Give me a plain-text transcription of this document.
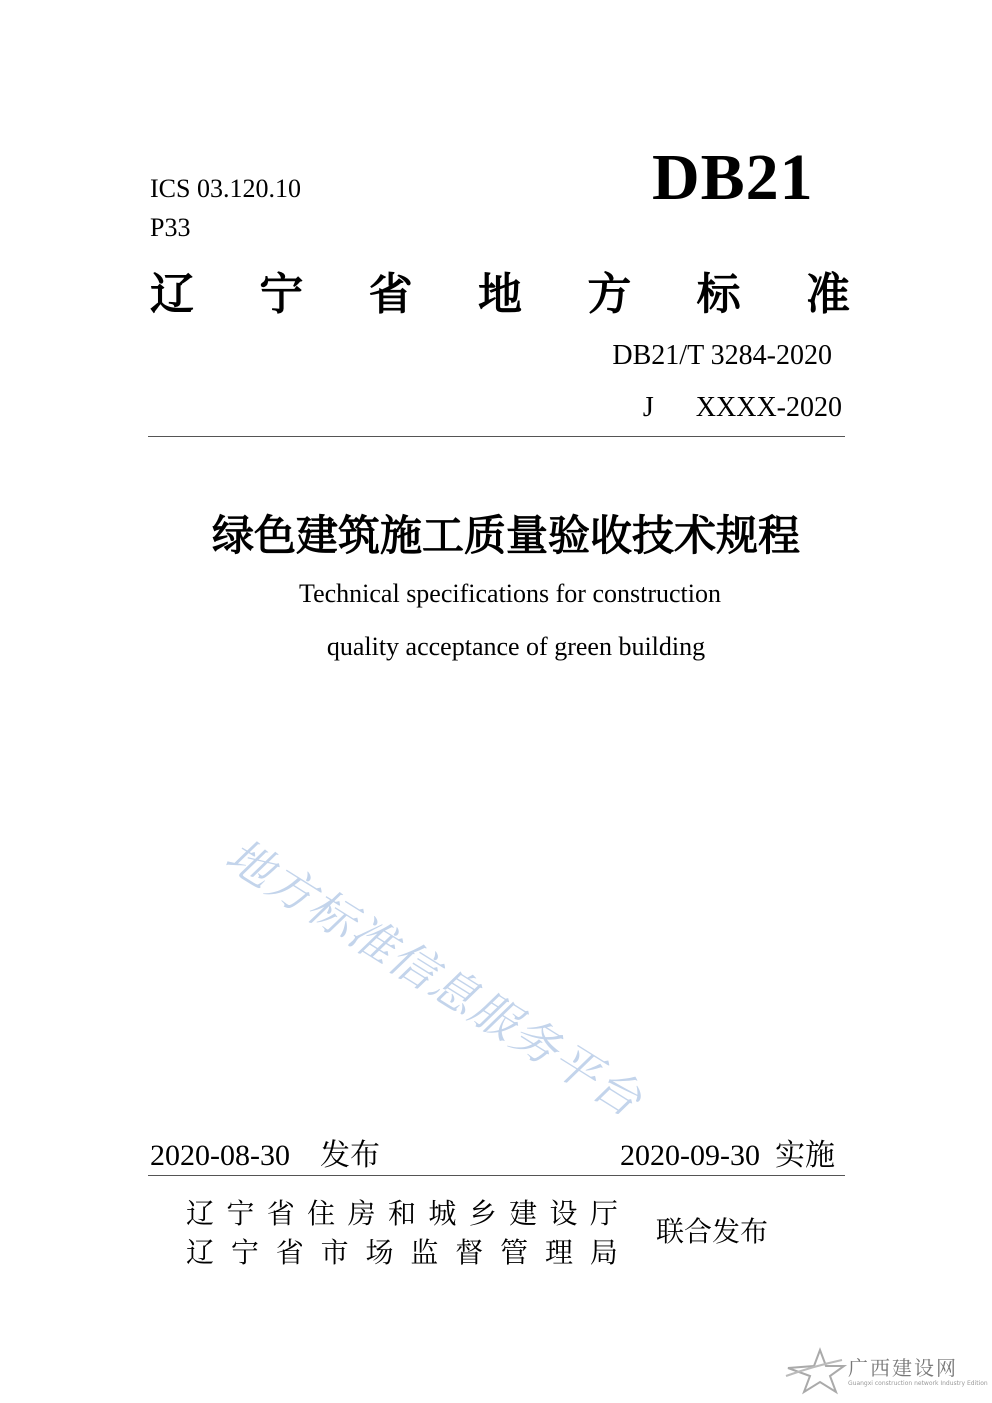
ICS 03.120.10
P33
DB21
辽 宁 省 地 方 标 准
DB21/T 3284-2020
J  XXXX-2020
绿色建筑施工质量验收技术规程
Technical specifications for construction
quality acceptance of green building
地方标准信息服务平台
2020-08-30　发布	2020-09-30  实施
辽 宁 省 住 房 和 城 乡 建 设 厅
辽 宁 省 市 场 监 督 管 理 局
联合发布
广西建设网
Guangxi construction network Industry Edition
